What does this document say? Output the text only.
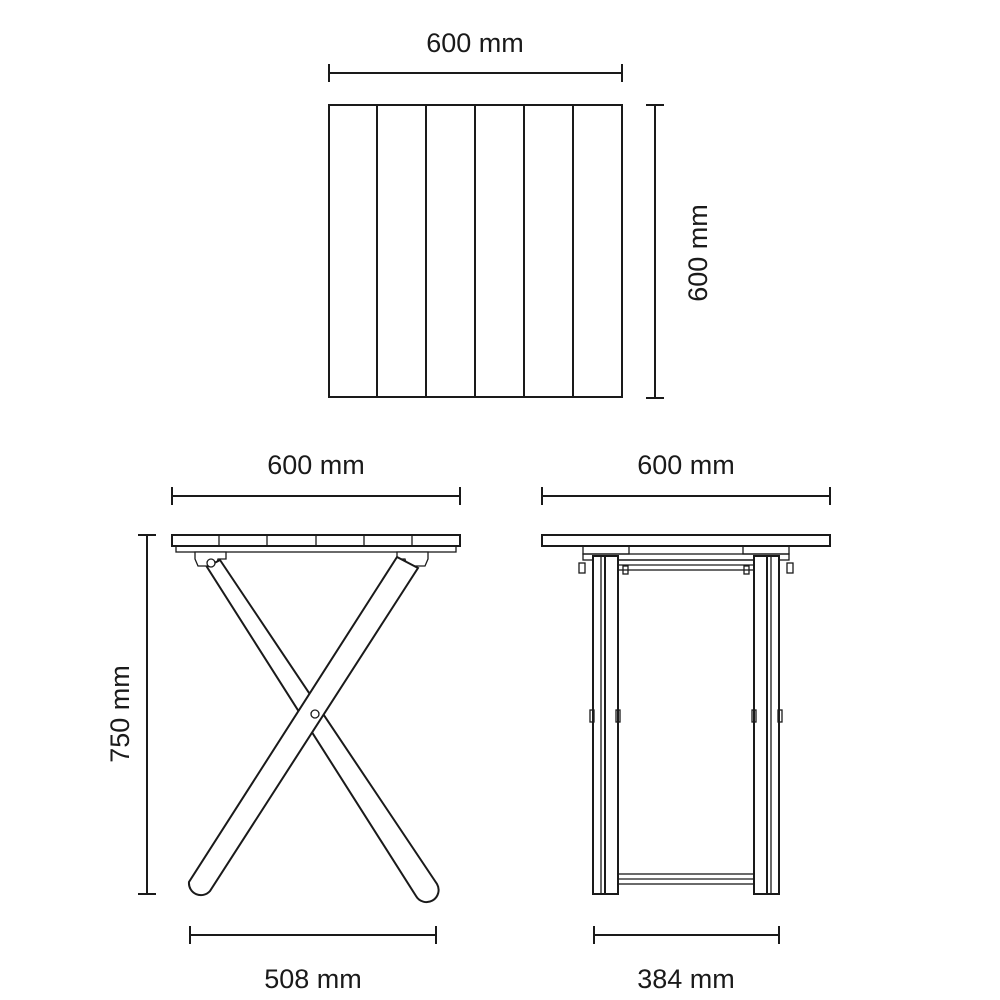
600 mm
600 mm
600 mm
750 mm
508 mm
600 mm
384 mm
